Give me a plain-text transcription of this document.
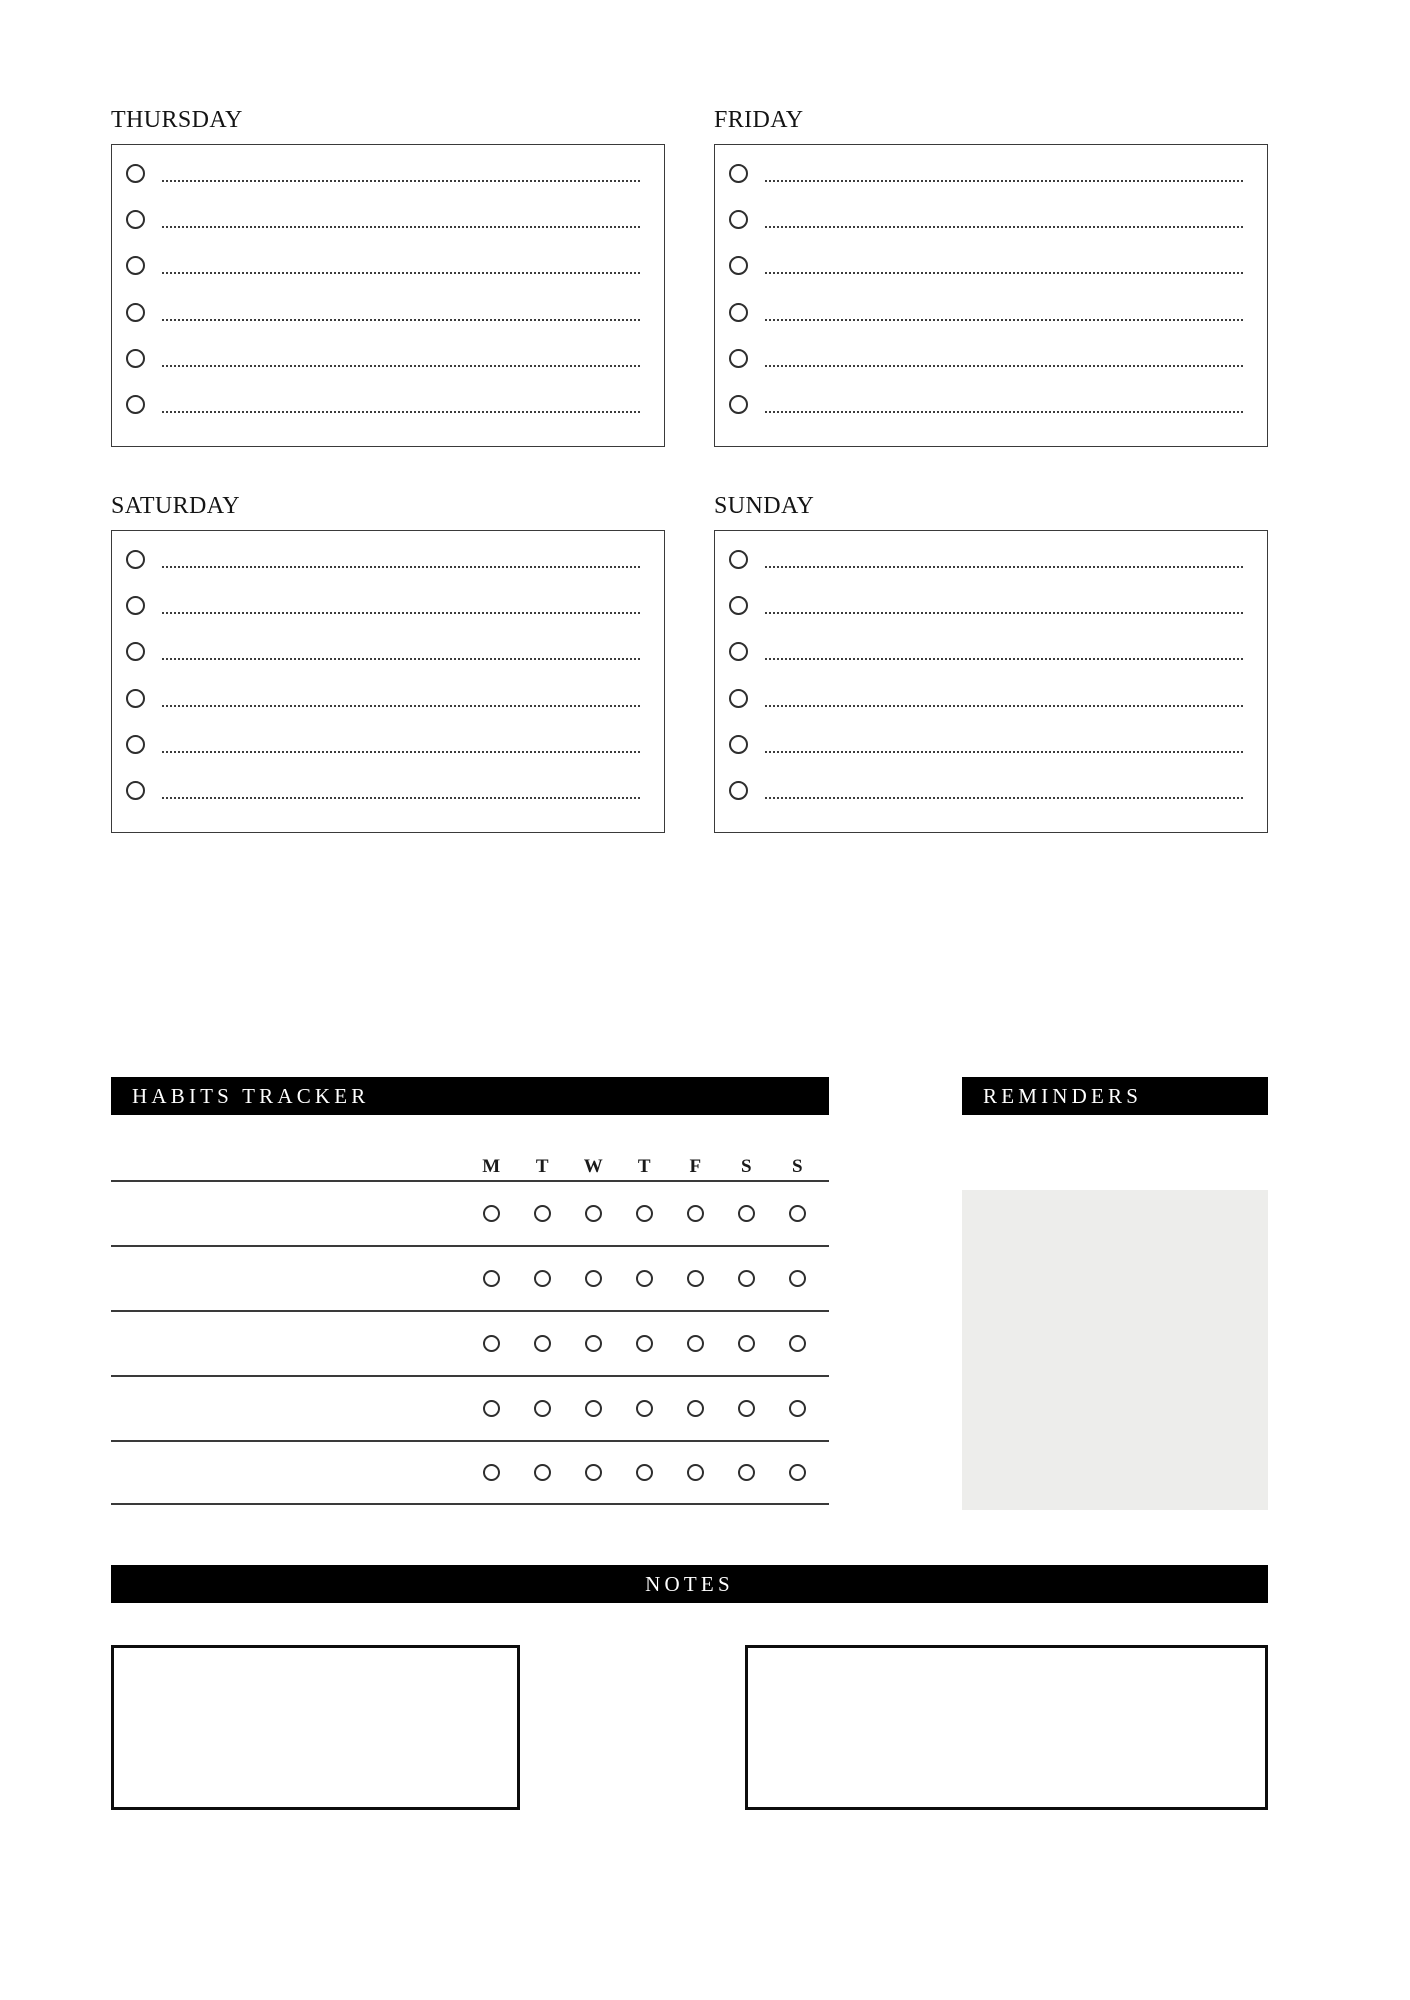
THURSDAY	FRIDAY
SATURDAY	SUNDAY
HABITS TRACKER
M	T	W	T	F	S	S
REMINDERS
NOTES
